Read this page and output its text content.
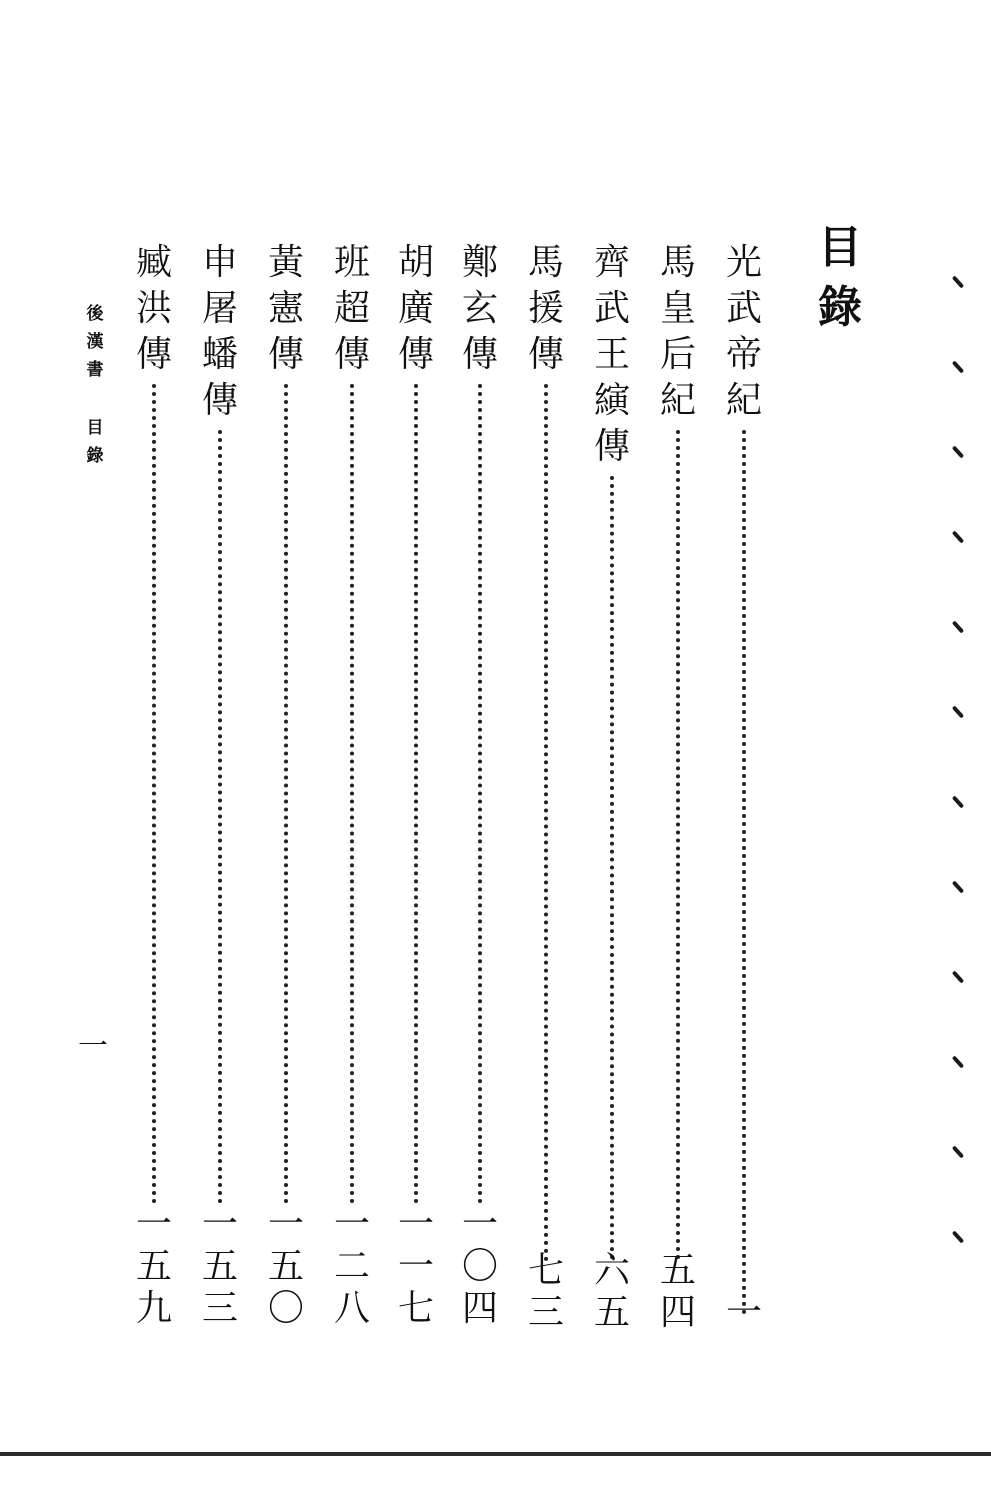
目錄
光武帝紀
一
馬皇后紀
五四
齊武王縯傳
六五
馬援傳
七三
鄭玄傳
一〇四
胡廣傳
一一七
班超傳
一二八
黃憲傳
一五〇
申屠蟠傳
一五三
臧洪傳
一五九
後漢書
目錄
一
